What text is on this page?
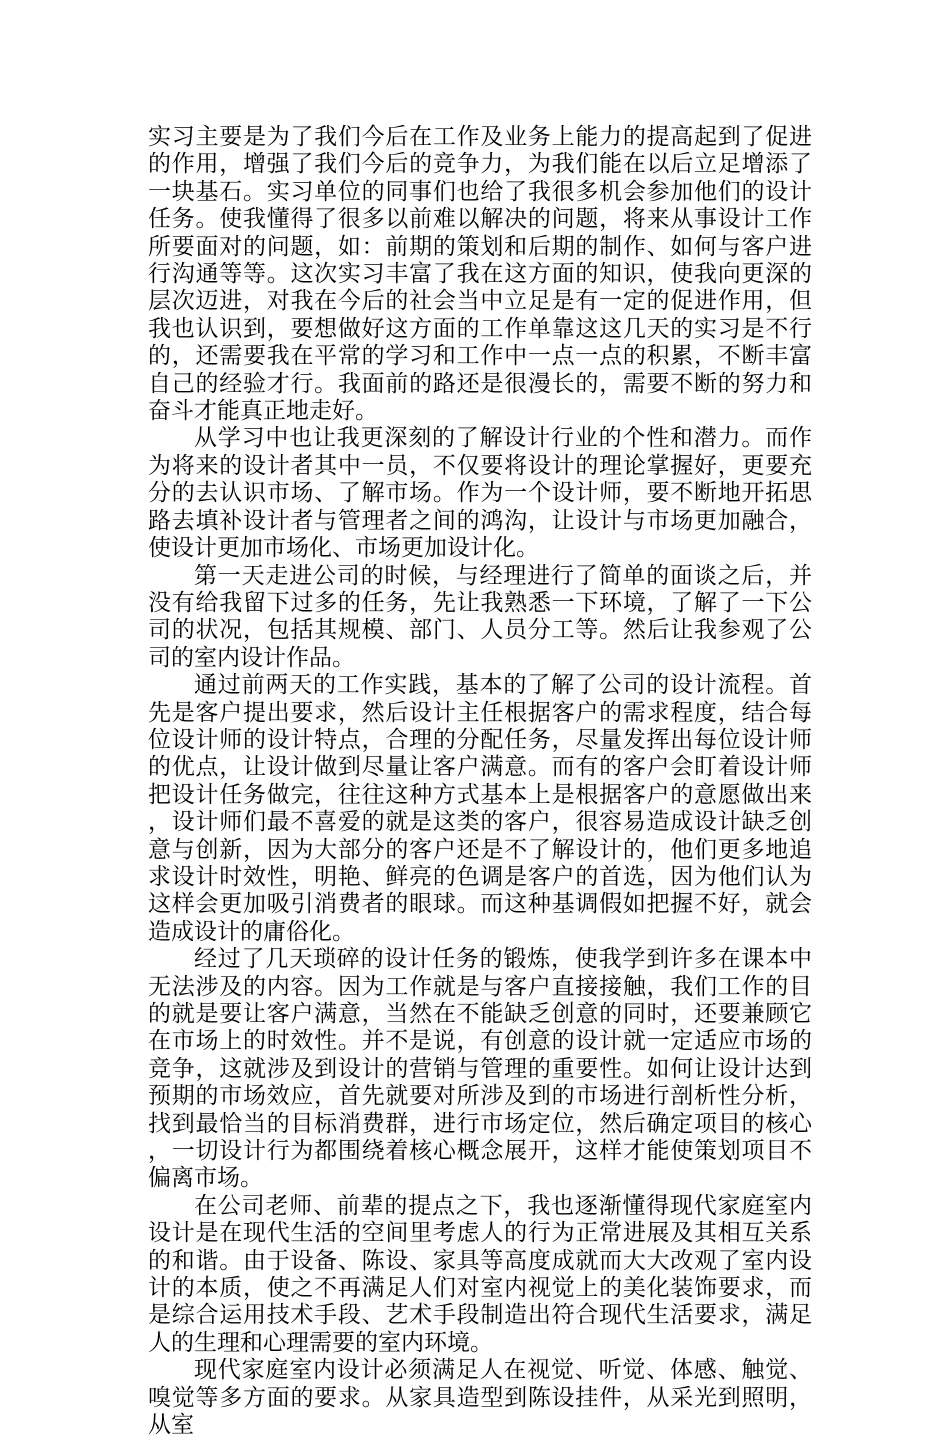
实习主要是为了我们今后在工作及业务上能力的提高起到了促进的作用，增强了我们今后的竞争力，为我们能在以后立足增添了一块基石。实习单位的同事们也给了我很多机会参加他们的设计任务。使我懂得了很多以前难以解决的问题，将来从事设计工作所要面对的问题，如：前期的策划和后期的制作、如何与客户进行沟通等等。这次实习丰富了我在这方面的知识，使我向更深的层次迈进，对我在今后的社会当中立足是有一定的促进作用，但我也认识到，要想做好这方面的工作单靠这这几天的实习是不行的，还需要我在平常的学习和工作中一点一点的积累，不断丰富自己的经验才行。我面前的路还是很漫长的，需要不断的努力和奋斗才能真正地走好。

从学习中也让我更深刻的了解设计行业的个性和潜力。而作为将来的设计者其中一员，不仅要将设计的理论掌握好，更要充分的去认识市场、了解市场。作为一个设计师，要不断地开拓思路去填补设计者与管理者之间的鸿沟，让设计与市场更加融合，使设计更加市场化、市场更加设计化。

第一天走进公司的时候，与经理进行了简单的面谈之后，并没有给我留下过多的任务，先让我熟悉一下环境，了解了一下公司的状况，包括其规模、部门、人员分工等。然后让我参观了公司的室内设计作品。

通过前两天的工作实践，基本的了解了公司的设计流程。首先是客户提出要求，然后设计主任根据客户的需求程度，结合每位设计师的设计特点，合理的分配任务，尽量发挥出每位设计师的优点，让设计做到尽量让客户满意。而有的客户会盯着设计师把设计任务做完，往往这种方式基本上是根据客户的意愿做出来，设计师们最不喜爱的就是这类的客户，很容易造成设计缺乏创意与创新，因为大部分的客户还是不了解设计的，他们更多地追求设计时效性，明艳、鲜亮的色调是客户的首选，因为他们认为这样会更加吸引消费者的眼球。而这种基调假如把握不好，就会造成设计的庸俗化。

经过了几天琐碎的设计任务的锻炼，使我学到许多在课本中无法涉及的内容。因为工作就是与客户直接接触，我们工作的目的就是要让客户满意，当然在不能缺乏创意的同时，还要兼顾它在市场上的时效性。并不是说，有创意的设计就一定适应市场的竞争，这就涉及到设计的营销与管理的重要性。如何让设计达到预期的市场效应，首先就要对所涉及到的市场进行剖析性分析，找到最恰当的目标消费群，进行市场定位，然后确定项目的核心，一切设计行为都围绕着核心概念展开，这样才能使策划项目不偏离市场。

在公司老师、前辈的提点之下，我也逐渐懂得现代家庭室内设计是在现代生活的空间里考虑人的行为正常进展及其相互关系的和谐。由于设备、陈设、家具等高度成就而大大改观了室内设计的本质，使之不再满足人们对室内视觉上的美化装饰要求，而是综合运用技术手段、艺术手段制造出符合现代生活要求，满足人的生理和心理需要的室内环境。

现代家庭室内设计必须满足人在视觉、听觉、体感、触觉、嗅觉等多方面的要求。从家具造型到陈设挂件，从采光到照明，从室
